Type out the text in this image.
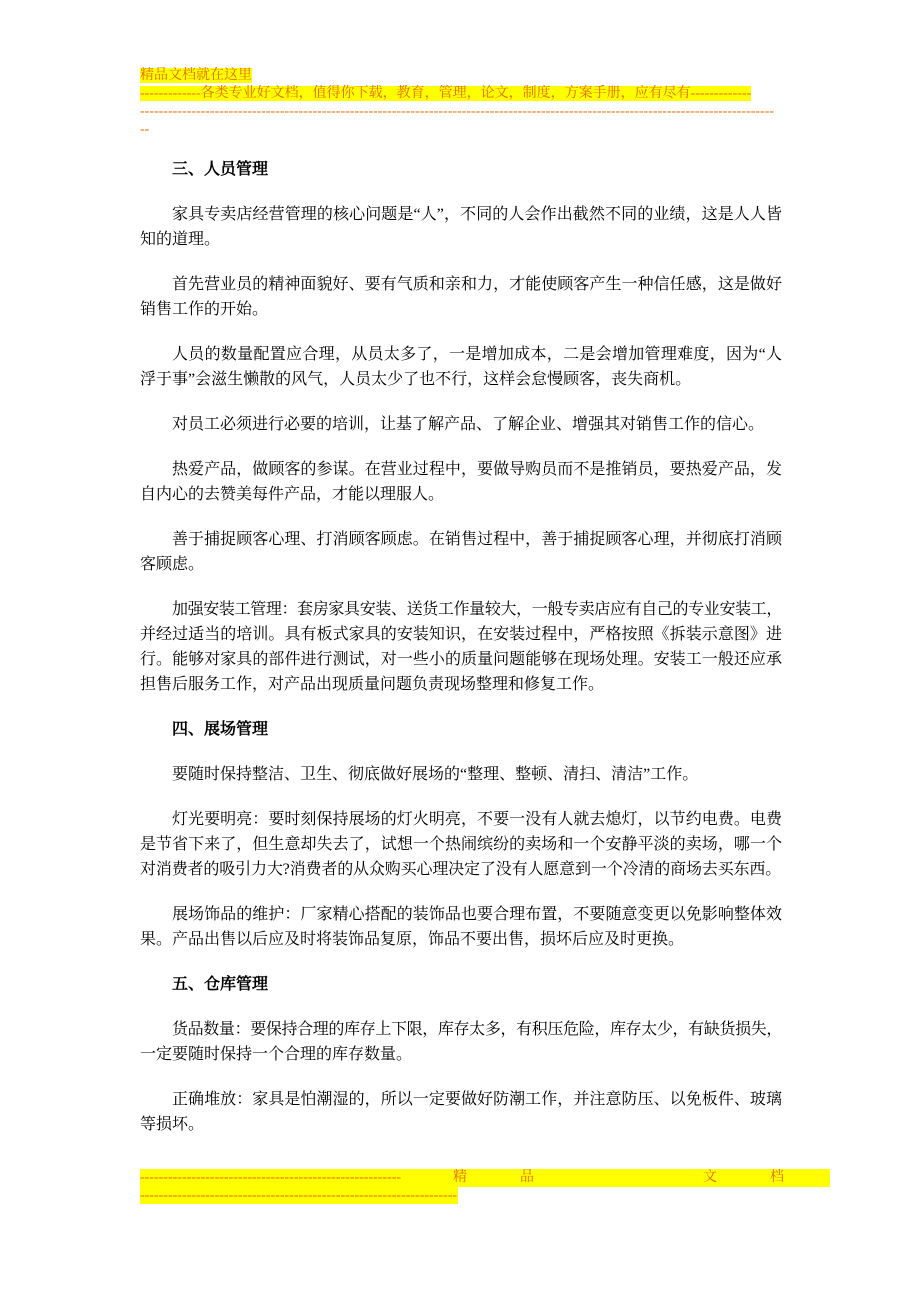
精品文档就在这里
-------------各类专业好文档，值得你下载，教育，管理，论文，制度，方案手册，应有尽有-------------
----------------------------------------------------------------------------------------------------------------------------------------
--
三、人员管理
家具专卖店经营管理的核心问题是“人”，不同的人会作出截然不同的业绩，这是人人皆
知的道理。
首先营业员的精神面貌好、要有气质和亲和力，才能使顾客产生一种信任感，这是做好
销售工作的开始。
人员的数量配置应合理，从员太多了，一是增加成本，二是会增加管理难度，因为“人
浮于事”会滋生懒散的风气，人员太少了也不行，这样会怠慢顾客，丧失商机。
对员工必须进行必要的培训，让基了解产品、了解企业、增强其对销售工作的信心。
热爱产品，做顾客的参谋。在营业过程中，要做导购员而不是推销员，要热爱产品，发
自内心的去赞美每件产品，才能以理服人。
善于捕捉顾客心理、打消顾客顾虑。在销售过程中，善于捕捉顾客心理，并彻底打消顾
客顾虑。
加强安装工管理：套房家具安装、送货工作量较大，一般专卖店应有自己的专业安装工，
并经过适当的培训。具有板式家具的安装知识，在安装过程中，严格按照《拆装示意图》进
行。能够对家具的部件进行测试，对一些小的质量问题能够在现场处理。安装工一般还应承
担售后服务工作，对产品出现质量问题负责现场整理和修复工作。
四、展场管理
要随时保持整洁、卫生、彻底做好展场的“整理、整顿、清扫、清洁”工作。
灯光要明亮：要时刻保持展场的灯火明亮，不要一没有人就去熄灯，以节约电费。电费
是节省下来了，但生意却失去了，试想一个热闹缤纷的卖场和一个安静平淡的卖场，哪一个
对消费者的吸引力大?消费者的从众购买心理决定了没有人愿意到一个冷清的商场去买东西。
展场饰品的维护：厂家精心搭配的装饰品也要合理布置，不要随意变更以免影响整体效
果。产品出售以后应及时将装饰品复原，饰品不要出售，损坏后应及时更换。
五、仓库管理
货品数量：要保持合理的库存上下限，库存太多，有积压危险，库存太少，有缺货损失，
一定要随时保持一个合理的库存数量。
正确堆放：家具是怕潮湿的，所以一定要做好防潮工作，并注意防压、以免板件、玻璃
等损坏。
--------------------------------------------------------	精	品	文	档
--------------------------------------------------------------------
